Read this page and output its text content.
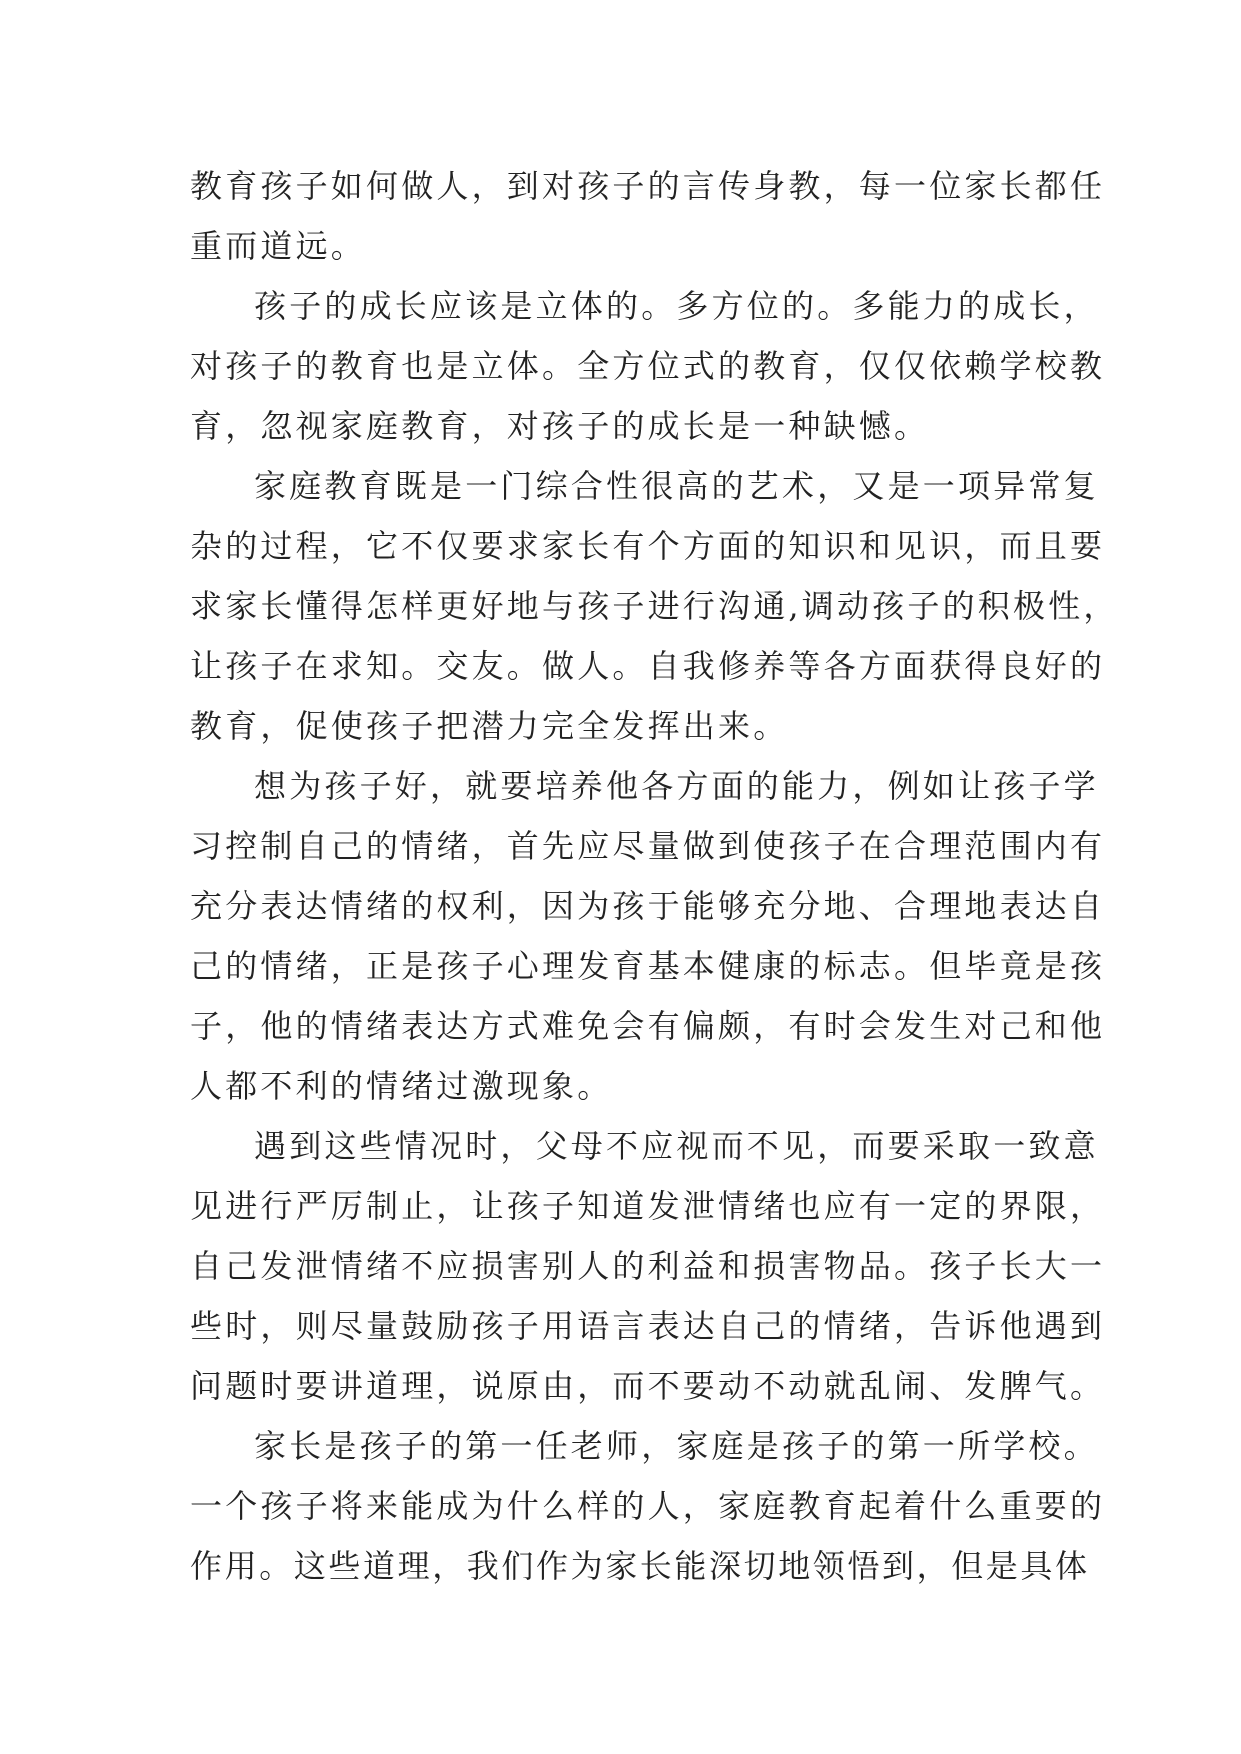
教育孩子如何做人，到对孩子的言传身教，每一位家长都任
重而道远。
孩子的成长应该是立体的。多方位的。多能力的成长，
对孩子的教育也是立体。全方位式的教育，仅仅依赖学校教
育，忽视家庭教育，对孩子的成长是一种缺憾。
家庭教育既是一门综合性很高的艺术，又是一项异常复
杂的过程，它不仅要求家长有个方面的知识和见识，而且要
求家长懂得怎样更好地与孩子进行沟通,调动孩子的积极性，
让孩子在求知。交友。做人。自我修养等各方面获得良好的
教育，促使孩子把潜力完全发挥出来。
想为孩子好，就要培养他各方面的能力，例如让孩子学
习控制自己的情绪，首先应尽量做到使孩子在合理范围内有
充分表达情绪的权利，因为孩于能够充分地、合理地表达自
己的情绪，正是孩子心理发育基本健康的标志。但毕竟是孩
子，他的情绪表达方式难免会有偏颇，有时会发生对己和他
人都不利的情绪过激现象。
遇到这些情况时，父母不应视而不见，而要采取一致意
见进行严厉制止，让孩子知道发泄情绪也应有一定的界限，
自己发泄情绪不应损害别人的利益和损害物品。孩子长大一
些时，则尽量鼓励孩子用语言表达自己的情绪，告诉他遇到
问题时要讲道理，说原由，而不要动不动就乱闹、发脾气。
家长是孩子的第一任老师，家庭是孩子的第一所学校。
一个孩子将来能成为什么样的人，家庭教育起着什么重要的
作用。这些道理，我们作为家长能深切地领悟到，但是具体
